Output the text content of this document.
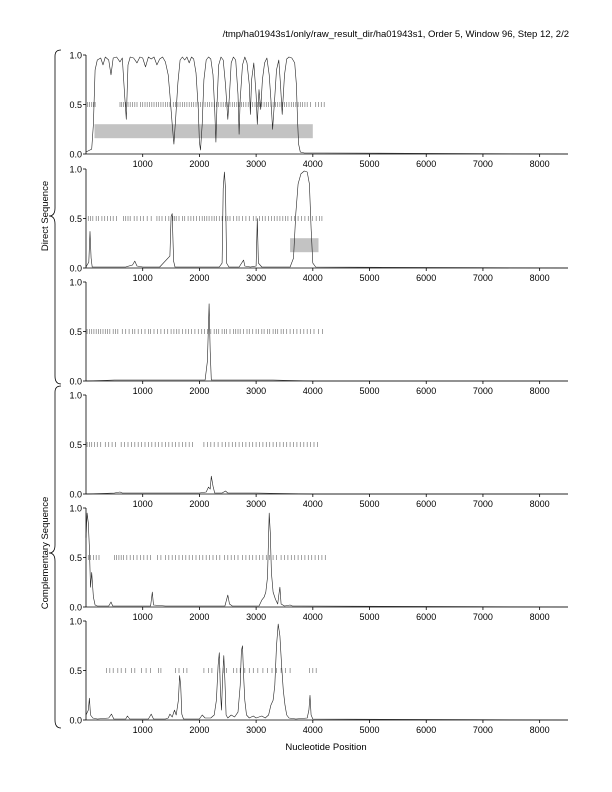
/tmp/ha01943s1/only/raw_result_dir/ha01943s1, Order 5, Window 96, Step 12, 2/2
Nucleotide Position
Direct Sequence
Complementary Sequence
0.0
0.5
1.0
1000	2000	3000	4000	5000	6000	7000	8000
0.0
0.5
1.0
1000	2000	3000	4000	5000	6000	7000	8000
0.0
0.5
1.0
1000	2000	3000	4000	5000	6000	7000	8000
0.0
0.5
1.0
1000	2000	3000	4000	5000	6000	7000	8000
0.0
0.5
1.0
1000	2000	3000	4000	5000	6000	7000	8000
0.0
0.5
1.0
1000	2000	3000	4000	5000	6000	7000	8000
